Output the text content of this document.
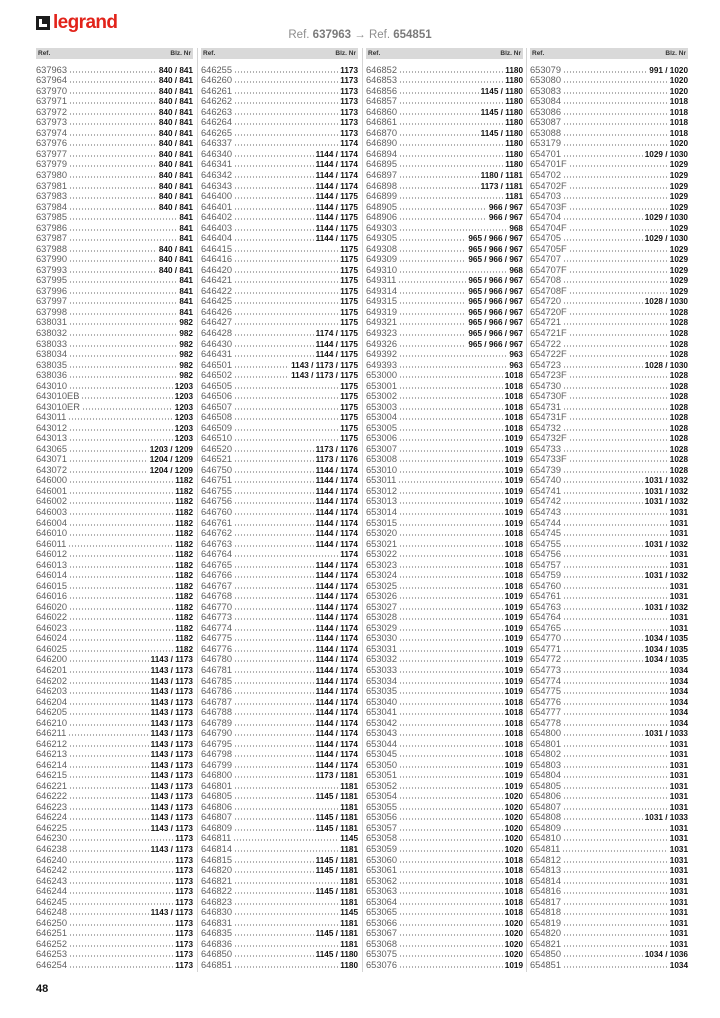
legrand
Ref. 637963 → Ref. 654851
Ref.	Blz. Nr
637963	840 / 841
637964	840 / 841
637970	840 / 841
637971	840 / 841
637972	840 / 841
637973	840 / 841
637974	840 / 841
637976	840 / 841
637977	840 / 841
637979	840 / 841
637980	840 / 841
637981	840 / 841
637983	840 / 841
637984	840 / 841
637985	841
637986	841
637987	841
637988	840 / 841
637990	840 / 841
637993	840 / 841
637995	841
637996	841
637997	841
637998	841
638031	982
638032	982
638033	982
638034	982
638035	982
638036	982
643010	1203
643010EB	1203
643010ER	1203
643011	1203
643012	1203
643013	1203
643065	1203 / 1209
643071	1204 / 1209
643072	1204 / 1209
646000	1182
646001	1182
646002	1182
646003	1182
646004	1182
646010	1182
646011	1182
646012	1182
646013	1182
646014	1182
646015	1182
646016	1182
646020	1182
646022	1182
646023	1182
646024	1182
646025	1182
646200	1143 / 1173
646201	1143 / 1173
646202	1143 / 1173
646203	1143 / 1173
646204	1143 / 1173
646205	1143 / 1173
646210	1143 / 1173
646211	1143 / 1173
646212	1143 / 1173
646213	1143 / 1173
646214	1143 / 1173
646215	1143 / 1173
646221	1143 / 1173
646222	1143 / 1173
646223	1143 / 1173
646224	1143 / 1173
646225	1143 / 1173
646230	1173
646238	1143 / 1173
646240	1173
646242	1173
646243	1173
646244	1173
646245	1173
646248	1143 / 1173
646250	1173
646251	1173
646252	1173
646253	1173
646254	1173
Ref.	Blz. Nr
646255	1173
646260	1173
646261	1173
646262	1173
646263	1173
646264	1173
646265	1173
646337	1174
646340	1144 / 1174
646341	1144 / 1174
646342	1144 / 1174
646343	1144 / 1174
646400	1144 / 1175
646401	1144 / 1175
646402	1144 / 1175
646403	1144 / 1175
646404	1144 / 1175
646415	1175
646416	1175
646420	1175
646421	1175
646422	1175
646425	1175
646426	1175
646427	1175
646428	1174 / 1175
646430	1144 / 1175
646431	1144 / 1175
646501	1143 / 1173 / 1175
646502	1143 / 1173 / 1175
646505	1175
646506	1175
646507	1175
646508	1175
646509	1175
646510	1175
646520	1173 / 1176
646521	1173 / 1176
646750	1144 / 1174
646751	1144 / 1174
646755	1144 / 1174
646756	1144 / 1174
646760	1144 / 1174
646761	1144 / 1174
646762	1144 / 1174
646763	1144 / 1174
646764	1174
646765	1144 / 1174
646766	1144 / 1174
646767	1144 / 1174
646768	1144 / 1174
646770	1144 / 1174
646773	1144 / 1174
646774	1144 / 1174
646775	1144 / 1174
646776	1144 / 1174
646780	1144 / 1174
646781	1144 / 1174
646785	1144 / 1174
646786	1144 / 1174
646787	1144 / 1174
646788	1144 / 1174
646789	1144 / 1174
646790	1144 / 1174
646795	1144 / 1174
646798	1144 / 1174
646799	1144 / 1174
646800	1173 / 1181
646801	1181
646805	1145 / 1181
646806	1181
646807	1145 / 1181
646809	1145 / 1181
646811	1145
646814	1181
646815	1145 / 1181
646820	1145 / 1181
646821	1181
646822	1145 / 1181
646823	1181
646830	1145
646831	1181
646835	1145 / 1181
646836	1181
646850	1145 / 1180
646851	1180
Ref.	Blz. Nr
646852	1180
646853	1180
646856	1145 / 1180
646857	1180
646860	1145 / 1180
646861	1180
646870	1145 / 1180
646890	1180
646894	1180
646895	1180
646897	1180 / 1181
646898	1173 / 1181
646899	1181
648905	966 / 967
648906	966 / 967
649303	968
649305	965 / 966 / 967
649308	965 / 966 / 967
649309	965 / 966 / 967
649310	968
649311	965 / 966 / 967
649314	965 / 966 / 967
649315	965 / 966 / 967
649319	965 / 966 / 967
649321	965 / 966 / 967
649323	965 / 966 / 967
649326	965 / 966 / 967
649392	963
649393	963
653000	1018
653001	1018
653002	1018
653003	1018
653004	1018
653005	1018
653006	1019
653007	1019
653008	1019
653010	1019
653011	1019
653012	1019
653013	1019
653014	1019
653015	1019
653020	1018
653021	1018
653022	1018
653023	1018
653024	1018
653025	1018
653026	1019
653027	1019
653028	1019
653029	1019
653030	1019
653031	1019
653032	1019
653033	1019
653034	1019
653035	1019
653040	1018
653041	1018
653042	1018
653043	1018
653044	1018
653045	1018
653050	1019
653051	1019
653052	1019
653054	1020
653055	1020
653056	1020
653057	1020
653058	1020
653059	1020
653060	1018
653061	1018
653062	1018
653063	1018
653064	1018
653065	1018
653066	1020
653067	1020
653068	1020
653075	1020
653076	1019
Ref.	Blz. Nr
653079	991 / 1020
653080	1020
653083	1020
653084	1018
653086	1018
653087	1018
653088	1018
653179	1020
654701	1029 / 1030
654701F	1029
654702	1029
654702F	1029
654703	1029
654703F	1029
654704	1029 / 1030
654704F	1029
654705	1029 / 1030
654705F	1029
654707	1029
654707F	1029
654708	1029
654708F	1029
654720	1028 / 1030
654720F	1028
654721	1028
654721F	1028
654722	1028
654722F	1028
654723	1028 / 1030
654723F	1028
654730	1028
654730F	1028
654731	1028
654731F	1028
654732	1028
654732F	1028
654733	1028
654733F	1028
654739	1028
654740	1031 / 1032
654741	1031 / 1032
654742	1031 / 1032
654743	1031
654744	1031
654745	1031
654755	1031 / 1032
654756	1031
654757	1031
654759	1031 / 1032
654760	1031
654761	1031
654763	1031 / 1032
654764	1031
654765	1031
654770	1034 / 1035
654771	1034 / 1035
654772	1034 / 1035
654773	1034
654774	1034
654775	1034
654776	1034
654777	1034
654778	1034
654800	1031 / 1033
654801	1031
654802	1031
654803	1031
654804	1031
654805	1031
654806	1031
654807	1031
654808	1031 / 1033
654809	1031
654810	1031
654811	1031
654812	1031
654813	1031
654814	1031
654816	1031
654817	1031
654818	1031
654819	1031
654820	1031
654821	1031
654850	1034 / 1036
654851	1034
48
